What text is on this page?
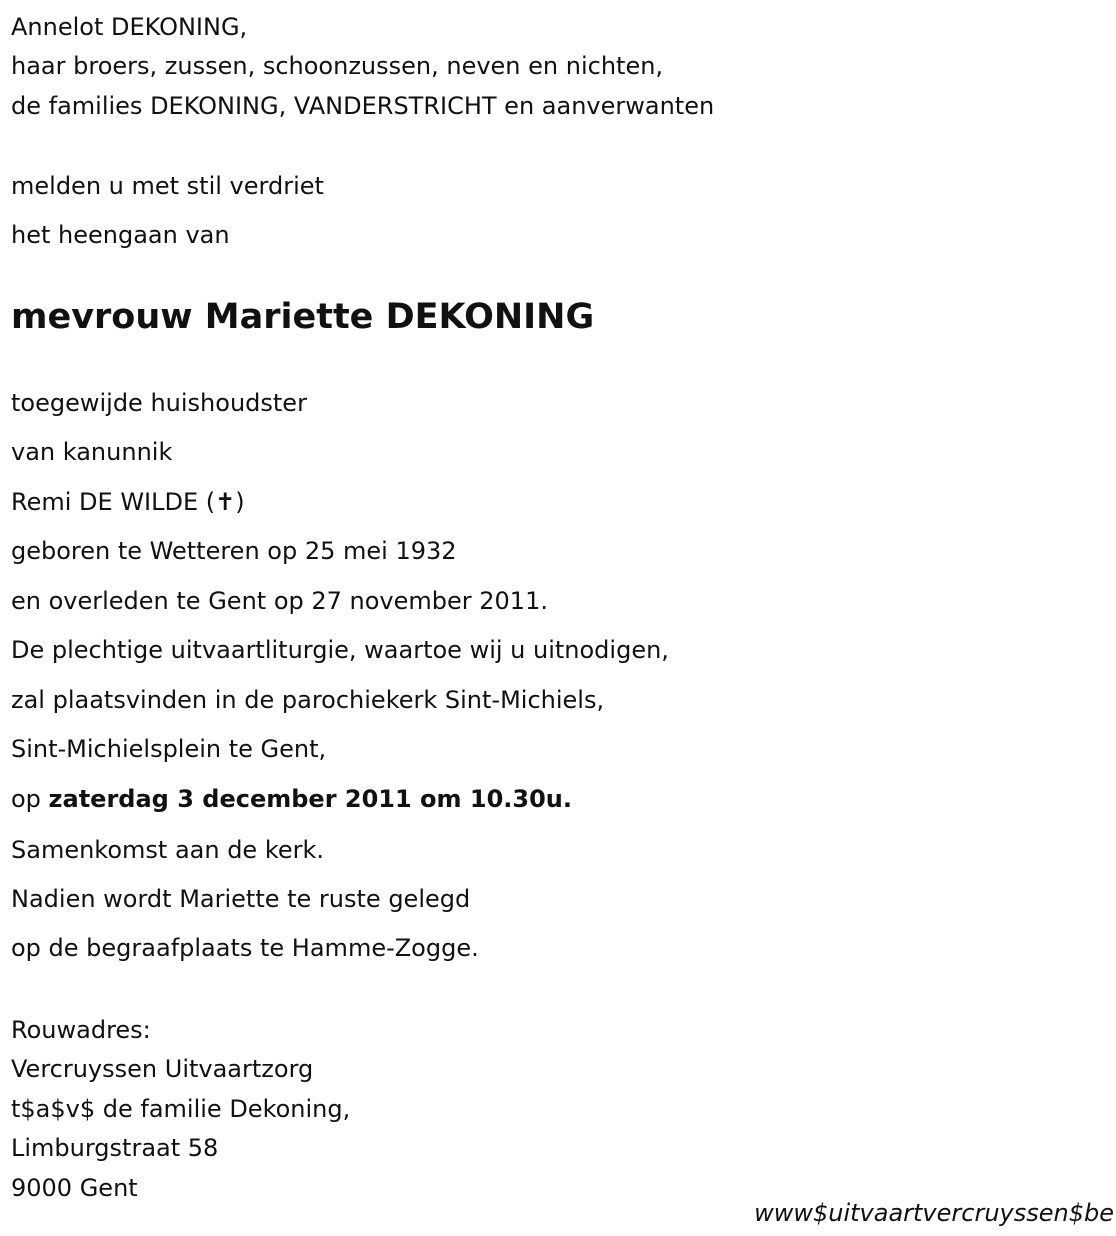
Annelot DEKONING,
haar broers, zussen, schoonzussen, neven en nichten,
de families DEKONING, VANDERSTRICHT en aanverwanten
melden u met stil verdriet
het heengaan van
mevrouw Mariette DEKONING
toegewijde huishoudster
van kanunnik
Remi DE WILDE (✝)
geboren te Wetteren op 25 mei 1932
en overleden te Gent op 27 november 2011.
De plechtige uitvaartliturgie, waartoe wij u uitnodigen,
zal plaatsvinden in de parochiekerk Sint-Michiels,
Sint-Michielsplein te Gent,
op zaterdag 3 december 2011 om 10.30u.
Samenkomst aan de kerk.
Nadien wordt Mariette te ruste gelegd
op de begraafplaats te Hamme-Zogge.
Rouwadres:
Vercruyssen Uitvaartzorg
t$a$v$ de familie Dekoning,
Limburgstraat 58
9000 Gent
www$uitvaartvercruyssen$be
